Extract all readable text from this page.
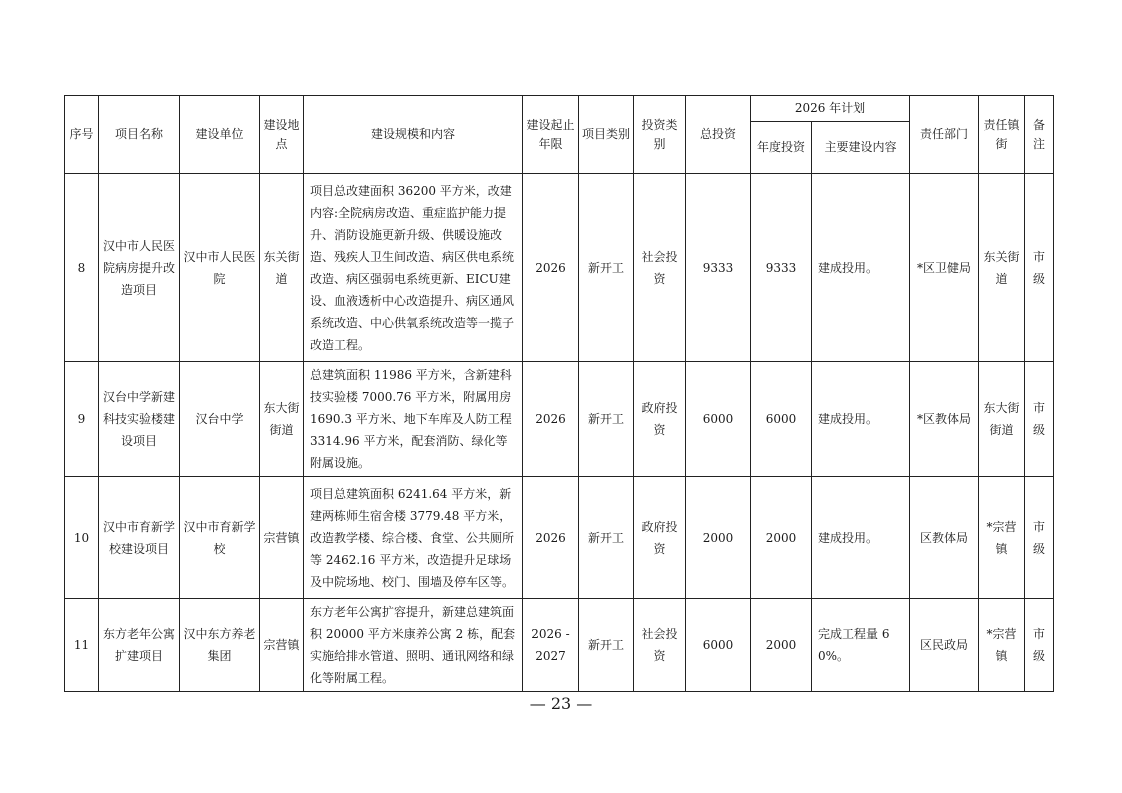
序号	项目名称	建设单位	建设地点	建设规模和内容	建设起止年限	项目类别	投资类别	总投资	2026 年计划		责任部门	责任镇街	备注
									年度投资	主要建设内容			
8	汉中市人民医院病房提升改造项目	汉中市人民医院	东关街道	项目总改建面积 36200 平方米，改建内容:全院病房改造、重症监护能力提升、消防设施更新升级、供暖设施改造、残疾人卫生间改造、病区供电系统改造、病区强弱电系统更新、EICU建设、血液透析中心改造提升、病区通风系统改造、中心供氧系统改造等一揽子改造工程。	2026	新开工	社会投资	9333	9333	建成投用。	*区卫健局	东关街道	市级
9	汉台中学新建科技实验楼建设项目	汉台中学	东大街街道	总建筑面积 11986 平方米，含新建科技实验楼 7000.76 平方米，附属用房 1690.3 平方米、地下车库及人防工程 3314.96 平方米，配套消防、绿化等附属设施。	2026	新开工	政府投资	6000	6000	建成投用。	*区教体局	东大街街道	市级
10	汉中市育新学校建设项目	汉中市育新学校	宗营镇	项目总建筑面积 6241.64 平方米，新建两栋师生宿舍楼 3779.48 平方米，改造教学楼、综合楼、食堂、公共厕所等 2462.16 平方米，改造提升足球场及中院场地、校门、围墙及停车区等。	2026	新开工	政府投资	2000	2000	建成投用。	区教体局	*宗营镇	市级
11	东方老年公寓扩建项目	汉中东方养老集团	宗营镇	东方老年公寓扩容提升，新建总建筑面积 20000 平方米康养公寓 2 栋，配套实施给排水管道、照明、通讯网络和绿化等附属工程。	2026 - 2027	新开工	社会投资	6000	2000	完成工程量 60%。	区民政局	*宗营镇	市级
— 23 —
